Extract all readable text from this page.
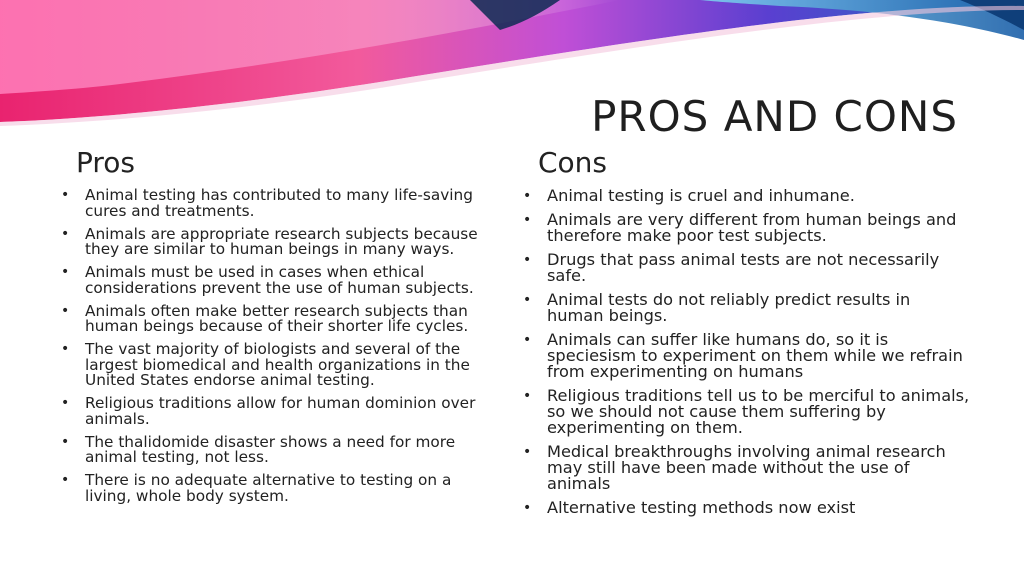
PROS AND CONS
Pros
• Animal testing has contributed to many life-saving cures and treatments.
• Animals are appropriate research subjects because they are similar to human beings in many ways.
• Animals must be used in cases when ethical considerations prevent the use of human subjects.
• Animals often make better research subjects than human beings because of their shorter life cycles.
• The vast majority of biologists and several of the largest biomedical and health organizations in the United States endorse animal testing.
• Religious traditions allow for human dominion over animals.
• The thalidomide disaster shows a need for more animal testing, not less.
• There is no adequate alternative to testing on a living, whole body system.
Cons
• Animal testing is cruel and inhumane.
• Animals are very different from human beings and therefore make poor test subjects.
• Drugs that pass animal tests are not necessarily safe.
• Animal tests do not reliably predict results in human beings.
• Animals can suffer like humans do, so it is speciesism to experiment on them while we refrain from experimenting on humans
• Religious traditions tell us to be merciful to animals, so we should not cause them suffering by experimenting on them.
• Medical breakthroughs involving animal research may still have been made without the use of animals
• Alternative testing methods now exist
